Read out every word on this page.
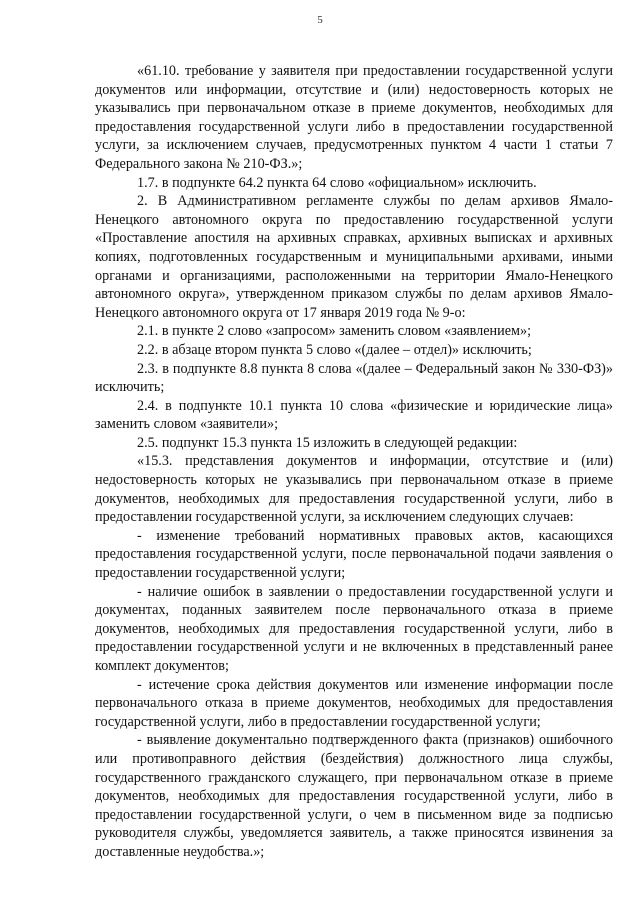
5

«61.10. требование у заявителя при предоставлении государственной услуги документов или информации, отсутствие и (или) недостоверность которых не указывались при первоначальном отказе в приеме документов, необходимых для предоставления государственной услуги либо в предоставлении государственной услуги, за исключением случаев, предусмотренных пунктом 4 части 1 статьи 7 Федерального закона № 210-ФЗ.»;

1.7. в подпункте 64.2 пункта 64 слово «официальном» исключить.

2. В Административном регламенте службы по делам архивов Ямало-Ненецкого автономного округа по предоставлению государственной услуги «Проставление апостиля на архивных справках, архивных выписках и архивных копиях, подготовленных государственным и муниципальными архивами, иными органами и организациями, расположенными на территории Ямало-Ненецкого автономного округа», утвержденном приказом службы по делам архивов Ямало-Ненецкого автономного округа от 17 января 2019 года № 9-о:

2.1. в пункте 2 слово «запросом» заменить словом «заявлением»;

2.2. в абзаце втором пункта 5 слово «(далее – отдел)» исключить;

2.3. в подпункте 8.8 пункта 8 слова «(далее – Федеральный закон № 330-ФЗ)» исключить;

2.4. в подпункте 10.1 пункта 10 слова «физические и юридические лица» заменить словом «заявители»;

2.5. подпункт 15.3 пункта 15 изложить в следующей редакции:

«15.3. представления документов и информации, отсутствие и (или) недостоверность которых не указывались при первоначальном отказе в приеме документов, необходимых для предоставления государственной услуги, либо в предоставлении государственной услуги, за исключением следующих случаев:

- изменение требований нормативных правовых актов, касающихся предоставления государственной услуги, после первоначальной подачи заявления о предоставлении государственной услуги;

- наличие ошибок в заявлении о предоставлении государственной услуги и документах, поданных заявителем после первоначального отказа в приеме документов, необходимых для предоставления государственной услуги, либо в предоставлении государственной услуги и не включенных в представленный ранее комплект документов;

- истечение срока действия документов или изменение информации после первоначального отказа в приеме документов, необходимых для предоставления государственной услуги, либо в предоставлении государственной услуги;

- выявление документально подтвержденного факта (признаков) ошибочного или противоправного действия (бездействия) должностного лица службы, государственного гражданского служащего, при первоначальном отказе в приеме документов, необходимых для предоставления государственной услуги, либо в предоставлении государственной услуги, о чем в письменном виде за подписью руководителя службы, уведомляется заявитель, а также приносятся извинения за доставленные неудобства.»;
